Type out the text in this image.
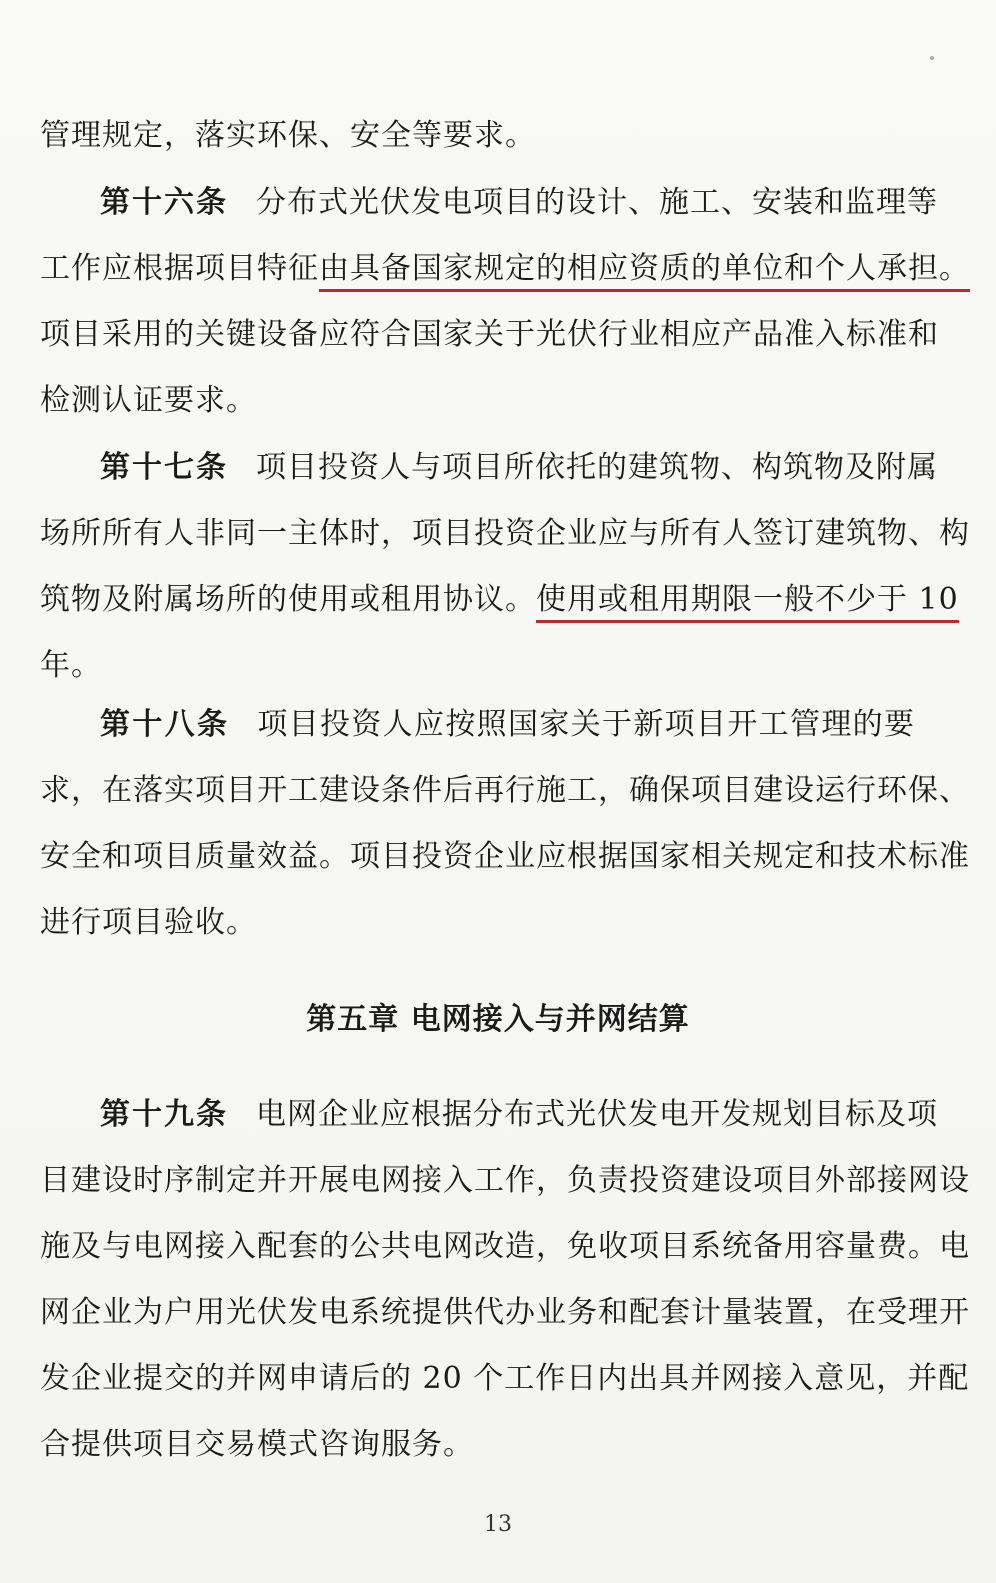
管理规定，落实环保、安全等要求。

第十六条 分布式光伏发电项目的设计、施工、安装和监理等
工作应根据项目特征由具备国家规定的相应资质的单位和个人承担。
项目采用的关键设备应符合国家关于光伏行业相应产品准入标准和
检测认证要求。

第十七条 项目投资人与项目所依托的建筑物、构筑物及附属
场所所有人非同一主体时，项目投资企业应与所有人签订建筑物、构
筑物及附属场所的使用或租用协议。使用或租用期限一般不少于 10
年。

第十八条 项目投资人应按照国家关于新项目开工管理的要
求，在落实项目开工建设条件后再行施工，确保项目建设运行环保、
安全和项目质量效益。项目投资企业应根据国家相关规定和技术标准
进行项目验收。

第五章 电网接入与并网结算

第十九条 电网企业应根据分布式光伏发电开发规划目标及项
目建设时序制定并开展电网接入工作，负责投资建设项目外部接网设
施及与电网接入配套的公共电网改造，免收项目系统备用容量费。电
网企业为户用光伏发电系统提供代办业务和配套计量装置，在受理开
发企业提交的并网申请后的 20 个工作日内出具并网接入意见，并配
合提供项目交易模式咨询服务。

13
